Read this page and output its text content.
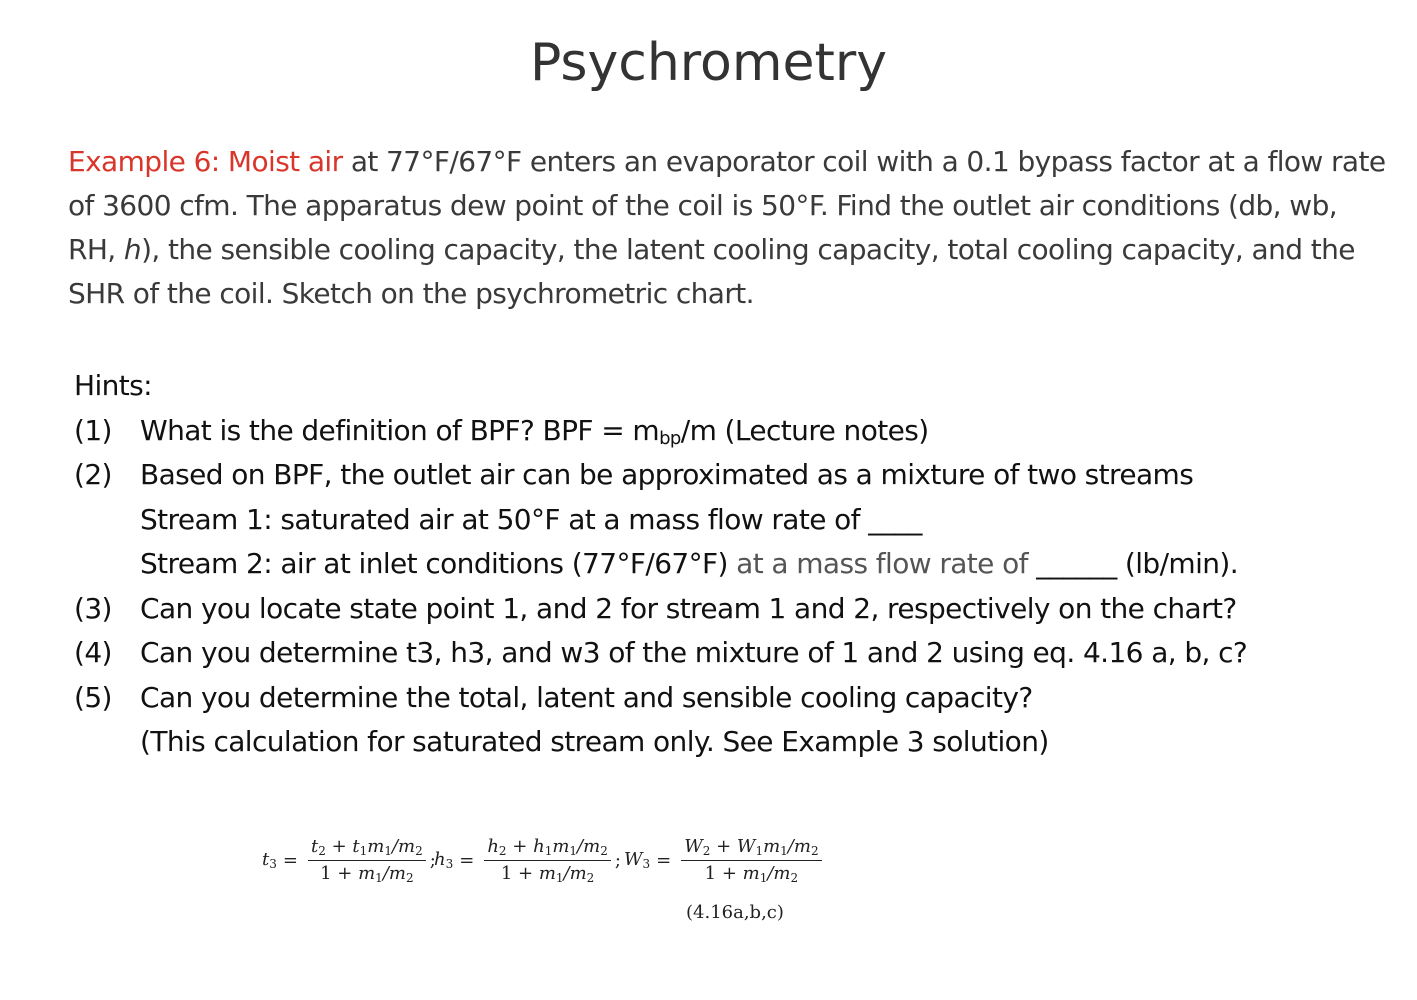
Psychrometry
Example 6: Moist air at 77°F/67°F enters an evaporator coil with a 0.1 bypass factor at a flow rate of 3600 cfm. The apparatus dew point of the coil is 50°F. Find the outlet air conditions (db, wb, RH, h), the sensible cooling capacity, the latent cooling capacity, total cooling capacity, and the SHR of the coil. Sketch on the psychrometric chart.
Hints:
(1) What is the definition of BPF? BPF = $m_{bp}/m$ (Lecture notes)
(2) Based on BPF, the outlet air can be approximated as a mixture of two streams
Stream 1: saturated air at 50°F at a mass flow rate of ____
Stream 2: air at inlet conditions (77°F/67°F) at a mass flow rate of ______ (lb/min).
(3) Can you locate state point 1, and 2 for stream 1 and 2, respectively on the chart?
(4) Can you determine t3, h3, and w3 of the mixture of 1 and 2 using eq. 4.16 a, b, c?
(5) Can you determine the total, latent and sensible cooling capacity?
(This calculation for saturated stream only. See Example 3 solution)
$t3 = \frac{t2 + t1m1/m2}{1 + m1/m2}$ ;
$h3 = \frac{h2 + h1m1/m2}{1 + m1/m2}$ ; $W3 = \frac{W2 + W1m1/m2}{1 + m1/m2}$
(4.16a,b,c)
